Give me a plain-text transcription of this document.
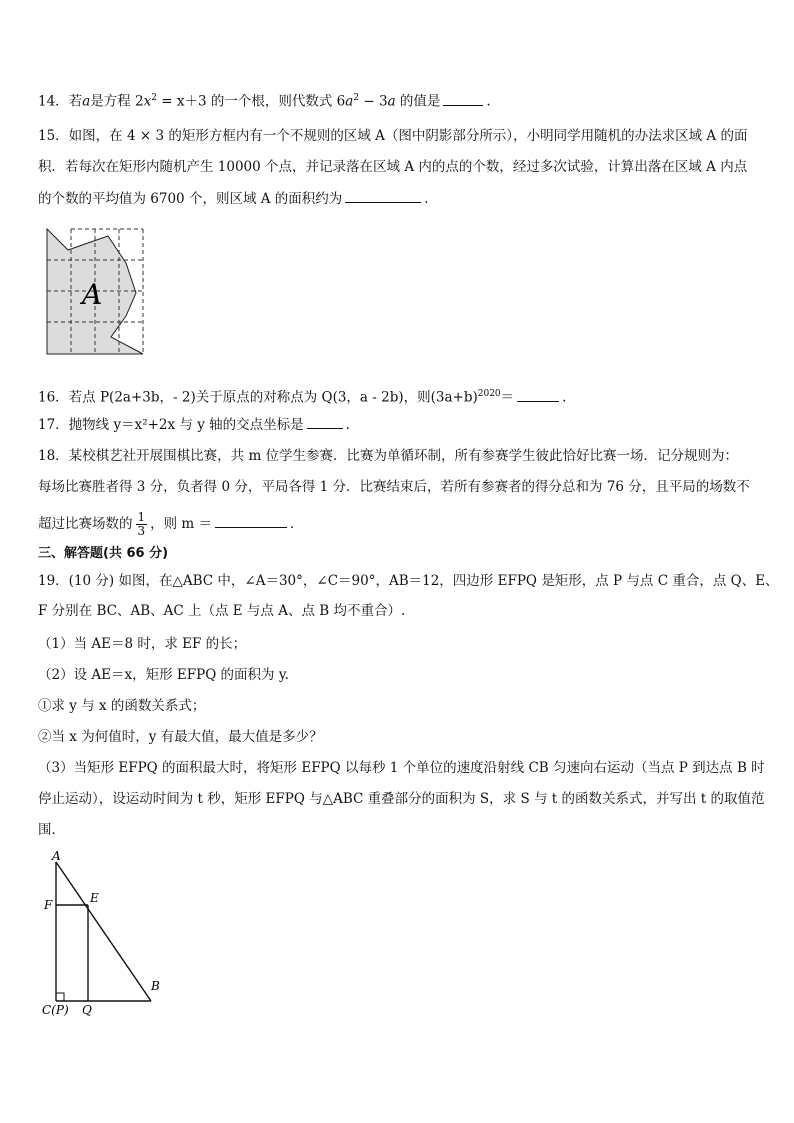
14．若a是方程 $2x^2 = x+3$ 的一个根，则代数式 $6a^2 - 3a$ 的值是	.
15．如图，在 4 × 3 的矩形方框内有一个不规则的区域 A（图中阴影部分所示），小明同学用随机的办法求区域 A 的面
积．若每次在矩形内随机产生 10000 个点，并记录落在区域 A 内的点的个数，经过多次试验，计算出落在区域 A 内点
的个数的平均值为 6700 个，则区域 A 的面积约为	．
A
16．若点 P(2a+3b，- 2)关于原点的对称点为 Q(3，a - 2b)，则$(3a+b)^{2020}=$	.
17．抛物线 y＝x²+2x 与 y 轴的交点坐标是	．
18．某校棋艺社开展围棋比赛，共 m 位学生参赛．比赛为单循环制，所有参赛学生彼此恰好比赛一场．记分规则为：
每场比赛胜者得 3 分，负者得 0 分，平局各得 1 分．比赛结束后，若所有参赛者的得分总和为 76 分，且平局的场数不
超过比赛场数的 $\frac{1}{3}$ ，则 m ＝	．
三、解答题(共 66 分)
19．(10 分) 如图，在△ABC 中，∠A＝30°，∠C＝90°，AB＝12，四边形 EFPQ 是矩形，点 P 与点 C 重合，点 Q、E、
F 分别在 BC、AB、AC 上（点 E 与点 A、点 B 均不重合）.
（1）当 AE＝8 时，求 EF 的长；
（2）设 AE＝x，矩形 EFPQ 的面积为 y.
①求 y 与 x 的函数关系式；
②当 x 为何值时，y 有最大值，最大值是多少？
（3）当矩形 EFPQ 的面积最大时，将矩形 EFPQ 以每秒 1 个单位的速度沿射线 CB 匀速向右运动（当点 P 到达点 B 时
停止运动），设运动时间为 t 秒，矩形 EFPQ 与△ABC 重叠部分的面积为 S，求 S 与 t 的函数关系式，并写出 t 的取值范
围．
A
E
F
C(P) Q
B
